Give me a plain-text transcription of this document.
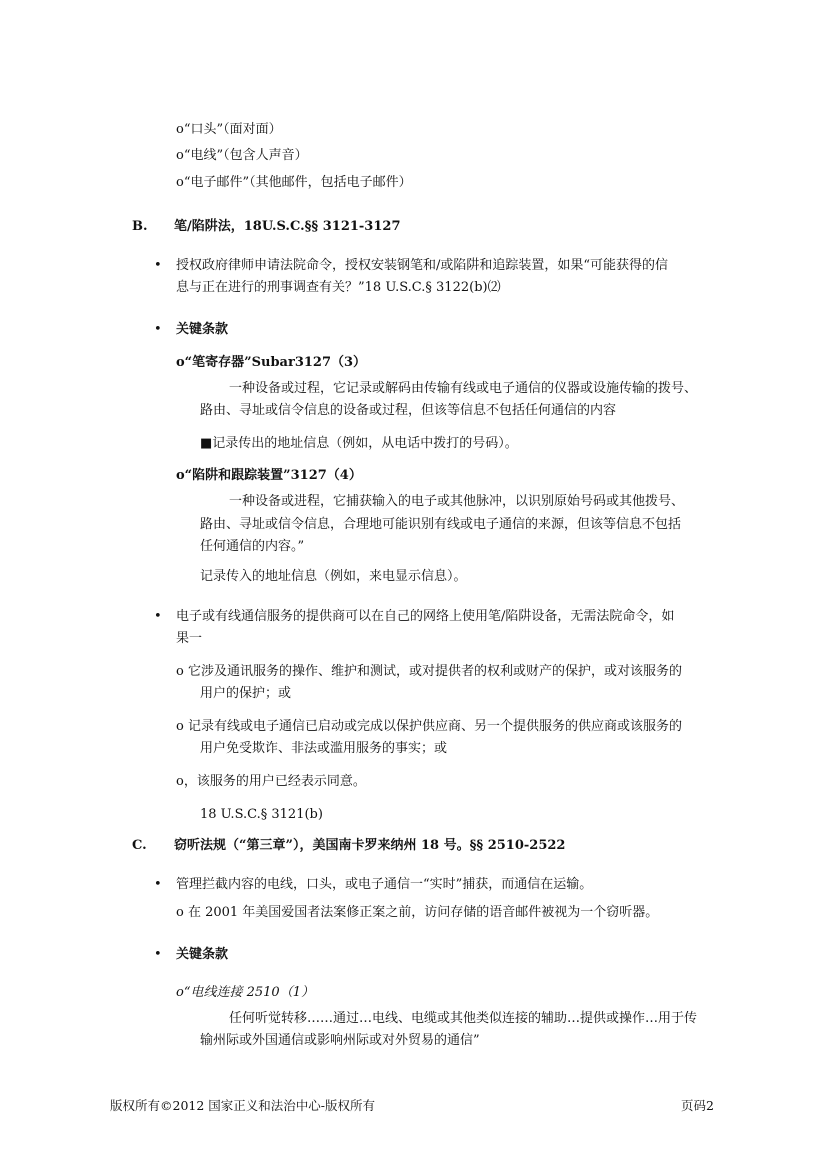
o“口头”（面对面）
o“电线”（包含人声音）
o“电子邮件”（其他邮件，包括电子邮件）
B. 笔/陷阱法，18U.S.C.§§ 3121-3127
• 授权政府律师申请法院命令，授权安装钢笔和/或陷阱和追踪装置，如果“可能获得的信
息与正在进行的刑事调查有关？”18 U.S.C.§ 3122(b)⑵
• 关键条款
o“笔寄存器”Subar3127（3）
一种设备或过程，它记录或解码由传输有线或电子通信的仪器或设施传输的拨号、
路由、寻址或信令信息的设备或过程，但该等信息不包括任何通信的内容
■记录传出的地址信息（例如，从电话中拨打的号码）。
o“陷阱和跟踪装置”3127（4）
一种设备或进程，它捕获输入的电子或其他脉冲，以识别原始号码或其他拨号、
路由、寻址或信令信息，合理地可能识别有线或电子通信的来源，但该等信息不包括
任何通信的内容。”
记录传入的地址信息（例如，来电显示信息）。
• 电子或有线通信服务的提供商可以在自己的网络上使用笔/陷阱设备，无需法院命令，如
果一
o 它涉及通讯服务的操作、维护和测试，或对提供者的权利或财产的保护，或对该服务的
用户的保护；或
o 记录有线或电子通信已启动或完成以保护供应商、另一个提供服务的供应商或该服务的
用户免受欺诈、非法或滥用服务的事实；或
o，该服务的用户已经表示同意。
18 U.S.C.§ 3121(b)
C. 窃听法规（“第三章”），美国南卡罗来纳州 18 号。§§ 2510-2522
• 管理拦截内容的电线，口头，或电子通信一“实时”捕获，而通信在运输。
o 在 2001 年美国爱国者法案修正案之前，访问存储的语音邮件被视为一个窃听器。
• 关键条款
o“电线连接 2510（1）
任何听觉转移……通过…电线、电缆或其他类似连接的辅助…提供或操作…用于传
输州际或外国通信或影响州际或对外贸易的通信”
版权所有©2012 国家正义和法治中心-版权所有	页码2
